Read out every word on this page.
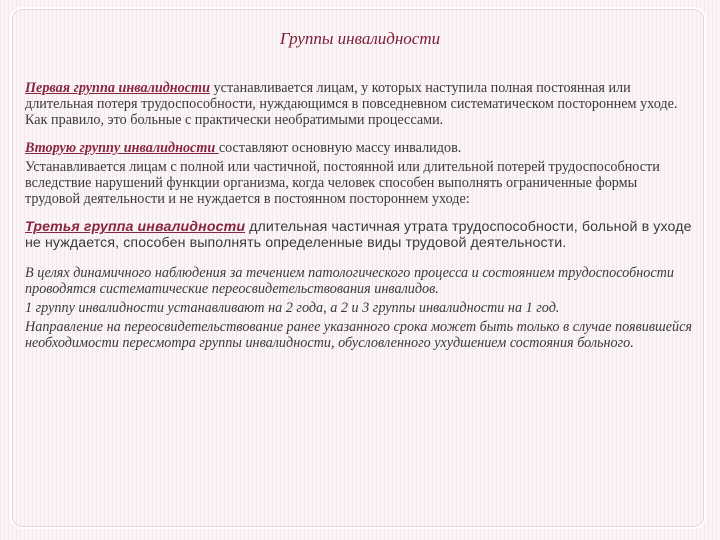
Группы инвалидности

Первая группа инвалидности устанавливается лицам, у которых наступила полная постоянная или длительная потеря трудоспособности, нуждающимся в повседневном систематическом постороннем уходе. Как правило, это больные с практически необратимыми процессами.

Вторую группу инвалидности составляют основную массу инвалидов.

Устанавливается лицам с полной или частичной, постоянной или длительной потерей трудоспособности вследствие нарушений функции организма, когда человек способен выполнять ограниченные формы трудовой деятельности и не нуждается в постоянном постороннем уходе:

Третья группа инвалидности длительная частичная утрата трудоспособности, больной в уходе не нуждается, способен выполнять определенные виды трудовой деятельности.

В целях динамичного наблюдения за течением патологического процесса и состоянием трудоспособности проводятся систематические переосвидетельствования инвалидов.

1 группу инвалидности устанавливают на 2 года, а 2 и 3 группы инвалидности на 1 год.

Направление на переосвидетельствование ранее указанного срока может быть только в случае появившейся необходимости пересмотра группы инвалидности, обусловленного ухудшением состояния больного.
